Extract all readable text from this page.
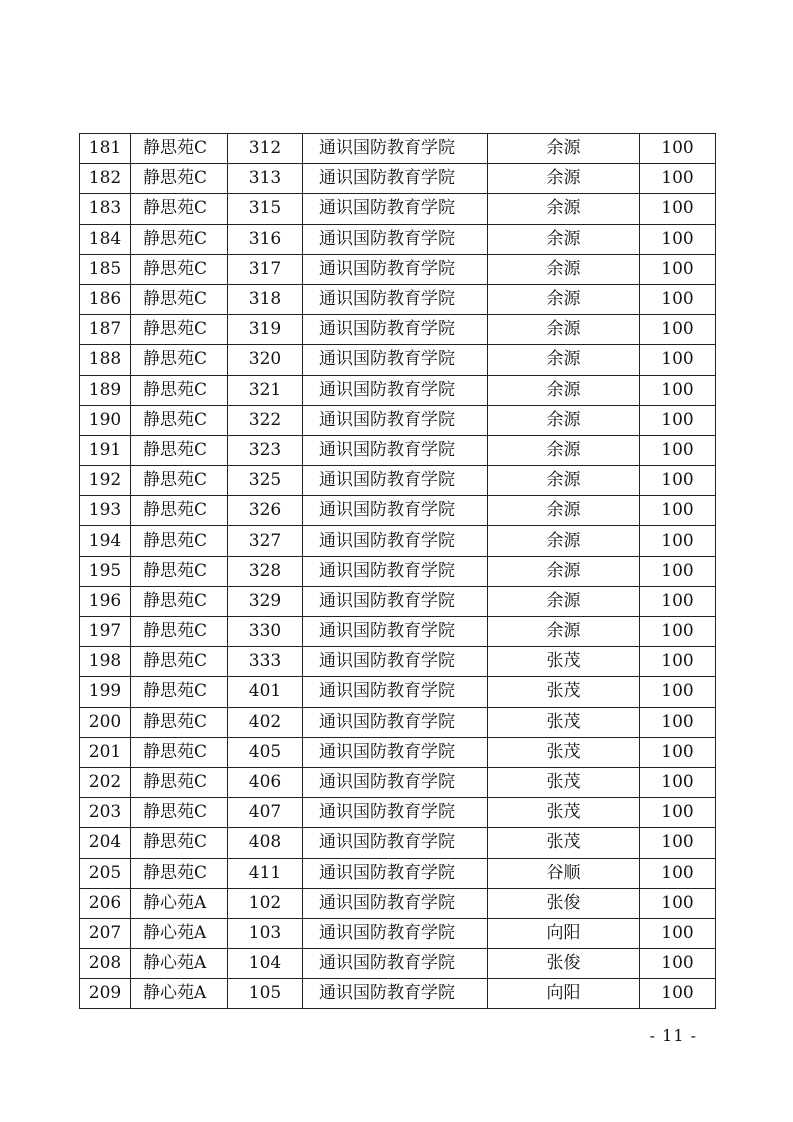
181	静思苑C	312	通识国防教育学院	余源	100
182	静思苑C	313	通识国防教育学院	余源	100
183	静思苑C	315	通识国防教育学院	余源	100
184	静思苑C	316	通识国防教育学院	余源	100
185	静思苑C	317	通识国防教育学院	余源	100
186	静思苑C	318	通识国防教育学院	余源	100
187	静思苑C	319	通识国防教育学院	余源	100
188	静思苑C	320	通识国防教育学院	余源	100
189	静思苑C	321	通识国防教育学院	余源	100
190	静思苑C	322	通识国防教育学院	余源	100
191	静思苑C	323	通识国防教育学院	余源	100
192	静思苑C	325	通识国防教育学院	余源	100
193	静思苑C	326	通识国防教育学院	余源	100
194	静思苑C	327	通识国防教育学院	余源	100
195	静思苑C	328	通识国防教育学院	余源	100
196	静思苑C	329	通识国防教育学院	余源	100
197	静思苑C	330	通识国防教育学院	余源	100
198	静思苑C	333	通识国防教育学院	张茂	100
199	静思苑C	401	通识国防教育学院	张茂	100
200	静思苑C	402	通识国防教育学院	张茂	100
201	静思苑C	405	通识国防教育学院	张茂	100
202	静思苑C	406	通识国防教育学院	张茂	100
203	静思苑C	407	通识国防教育学院	张茂	100
204	静思苑C	408	通识国防教育学院	张茂	100
205	静思苑C	411	通识国防教育学院	谷顺	100
206	静心苑A	102	通识国防教育学院	张俊	100
207	静心苑A	103	通识国防教育学院	向阳	100
208	静心苑A	104	通识国防教育学院	张俊	100
209	静心苑A	105	通识国防教育学院	向阳	100
- 11 -
